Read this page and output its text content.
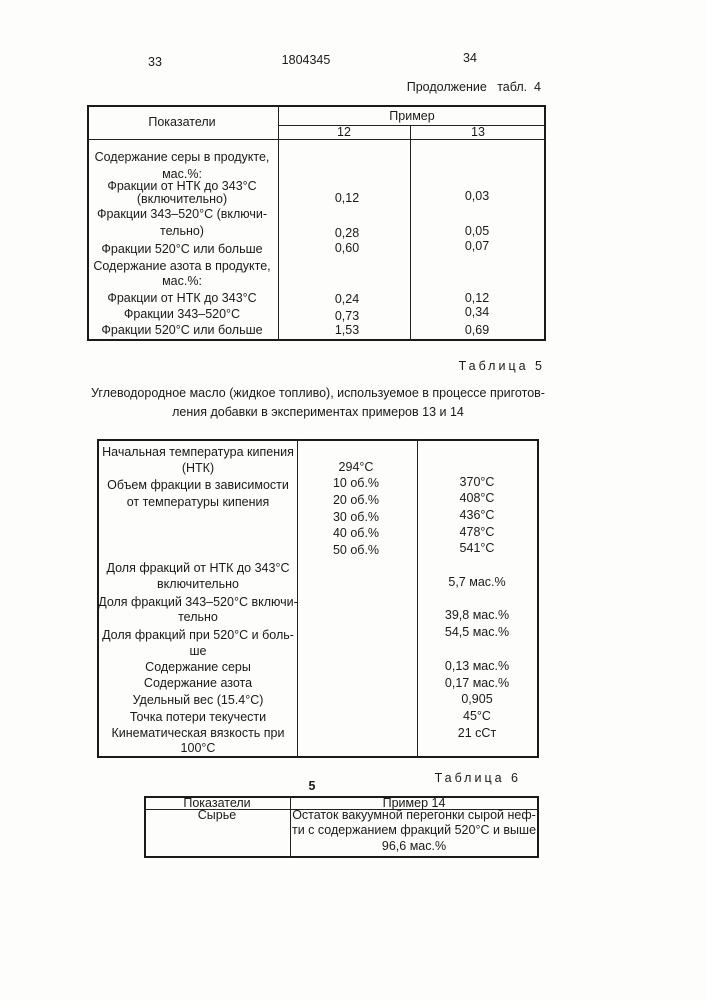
33	1804345	34
Продолжение   табл.  4
Показатели	Пример
12	13
Содержание серы в продукте,
мас.%:
Фракции от НТК до 343°C
(включительно)
Фракции 343–520°C (включи-
тельно)
Фракции 520°C или больше
Содержание азота в продукте,
мас.%:
Фракции от НТК до 343°C
Фракции 343–520°C
Фракции 520°C или больше
0,12
0,28
0,60
0,24
0,73
1,53
0,03
0,05
0,07
0,12
0,34
0,69
Таблица 5
Углеводородное масло (жидкое топливо), используемое в процессе приготов-
ления добавки в экспериментах примеров 13 и 14
Начальная температура кипения
(НТК)
Объем фракции в зависимости
от температуры кипения
Доля фракций от НТК до 343°C
включительно
Доля фракций 343–520°C включи-
тельно
Доля фракций при 520°C и боль-
ше
Содержание серы
Содержание азота
Удельный вес (15.4°C)
Точка потери текучести
Кинематическая вязкость при
100°C
294°C
10 об.%
20 об.%
30 об.%
40 об.%
50 об.%
370°C
408°C
436°C
478°C
541°C
5,7 мас.%
39,8 мас.%
54,5 мас.%
0,13 мас.%
0,17 мас.%
0,905
45°C
21 сСт
Таблица 6
5
Показатели	Пример 14
Сырье	Остаток вакуумной перегонки сырой неф-
ти с содержанием фракций 520°C и выше
96,6 мас.%
